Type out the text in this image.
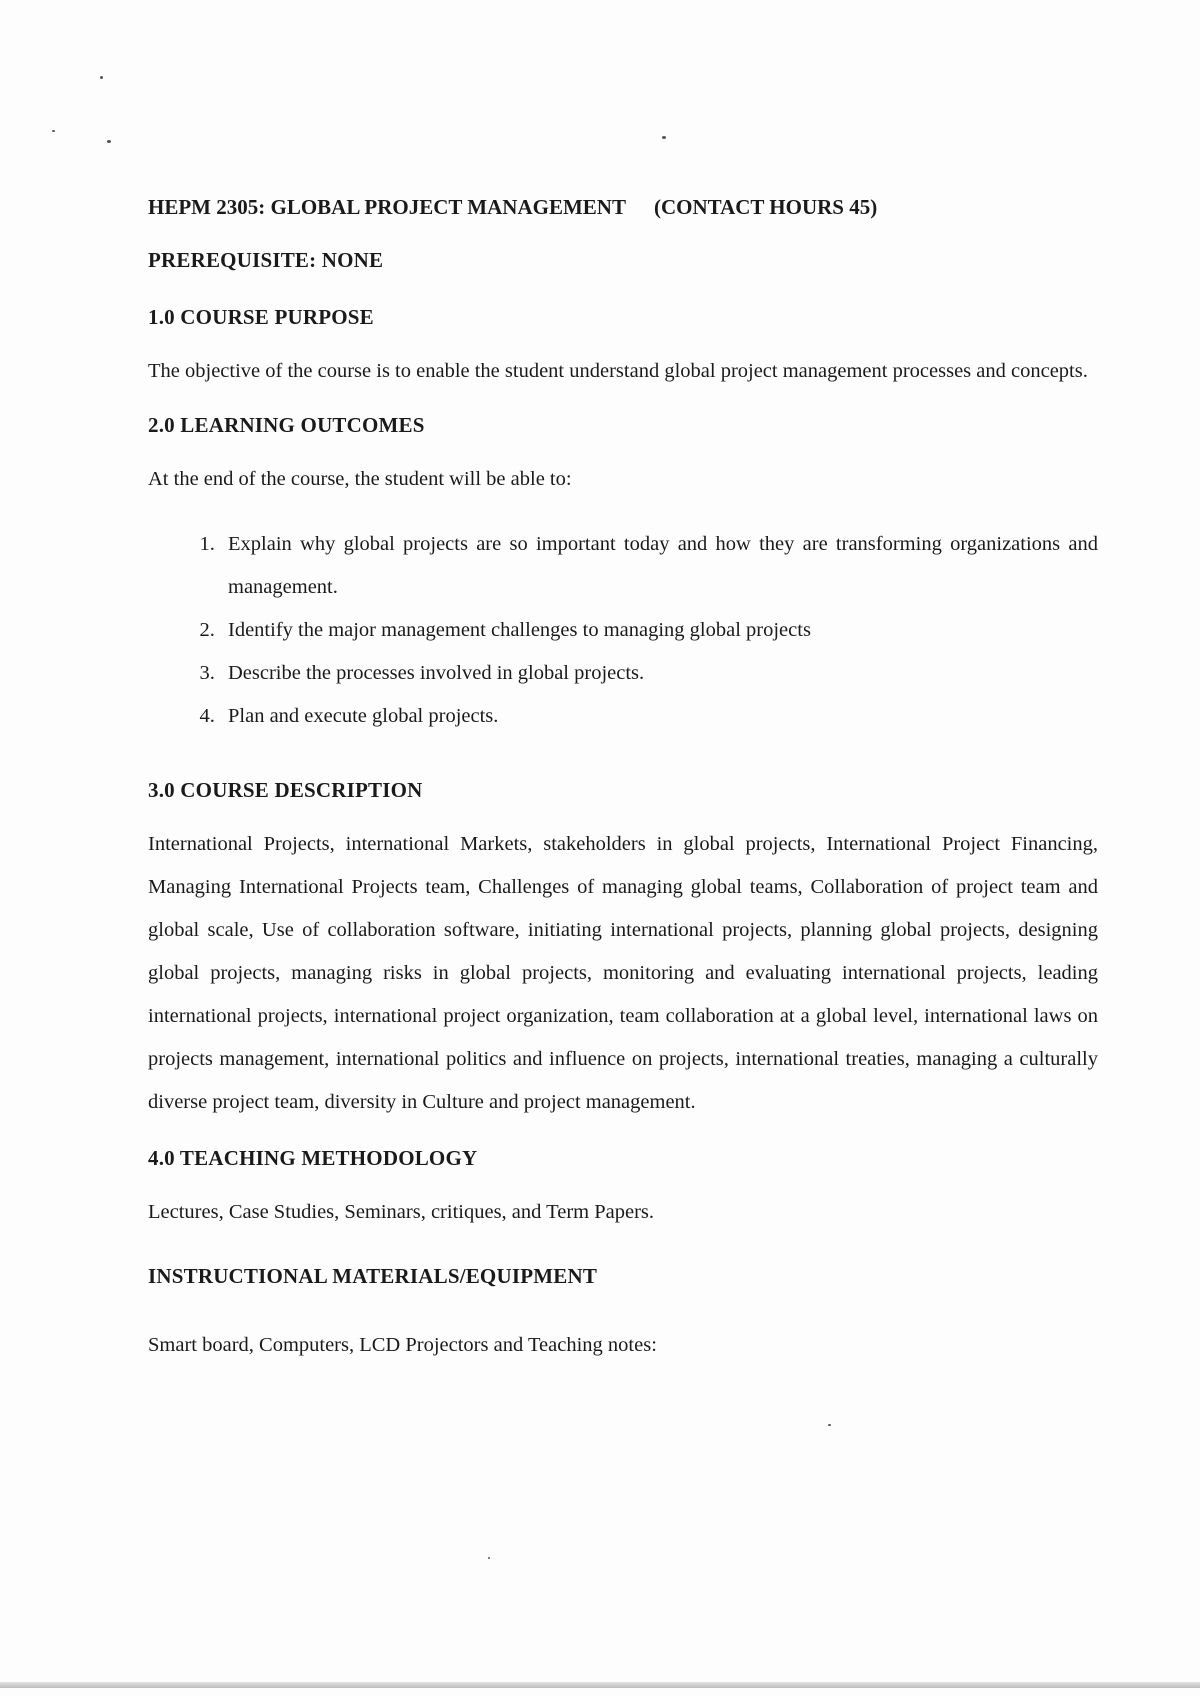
HEPM 2305: GLOBAL PROJECT MANAGEMENT (CONTACT HOURS 45)
PREREQUISITE: NONE
1.0 COURSE PURPOSE

The objective of the course is to enable the student understand global project management processes and concepts.

2.0 LEARNING OUTCOMES

At the end of the course, the student will be able to:

1. Explain why global projects are so important today and how they are transforming organizations and management.
2. Identify the major management challenges to managing global projects
3. Describe the processes involved in global projects.
4. Plan and execute global projects.
3.0 COURSE DESCRIPTION

International Projects, international Markets, stakeholders in global projects, International Project Financing, Managing International Projects team, Challenges of managing global teams, Collaboration of project team and global scale, Use of collaboration software, initiating international projects, planning global projects, designing global projects, managing risks in global projects, monitoring and evaluating international projects, leading international projects, international project organization, team collaboration at a global level, international laws on projects management, international politics and influence on projects, international treaties, managing a culturally diverse project team, diversity in Culture and project management.

4.0 TEACHING METHODOLOGY

Lectures, Case Studies, Seminars, critiques, and Term Papers.

INSTRUCTIONAL MATERIALS/EQUIPMENT

Smart board, Computers, LCD Projectors and Teaching notes:
